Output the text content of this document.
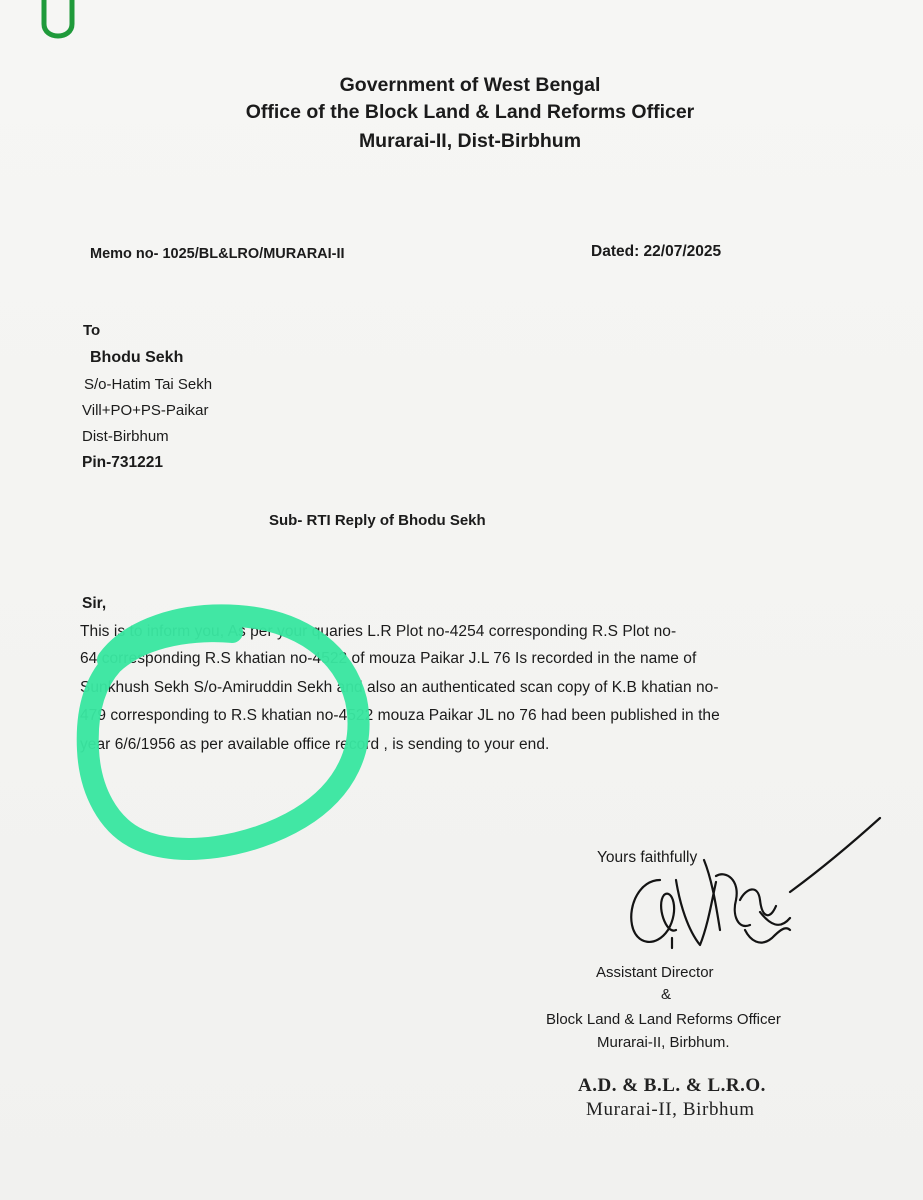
Government of West Bengal
Office of the Block Land & Land Reforms Officer
Murarai-II, Dist-Birbhum
Memo no- 1025/BL&LRO/MURARAI-II	Dated: 22/07/2025
To
Bhodu Sekh
S/o-Hatim Tai Sekh
Vill+PO+PS-Paikar
Dist-Birbhum
Pin-731221
Sub- RTI Reply of Bhodu Sekh
Sir,
This is to inform you, As per your quaries L.R Plot no-4254 corresponding R.S Plot no-
64 corresponding R.S khatian no-4522 of mouza Paikar J.L 76 Is recorded in the name of
Sunkhush Sekh S/o-Amiruddin Sekh and also an authenticated scan copy of K.B khatian no-
479 corresponding to R.S khatian no-4522 mouza Paikar JL no 76 had been published in the
year 6/6/1956 as per available office record , is sending to your end.
Yours faithfully
Assistant Director
&
Block Land & Land Reforms Officer
Murarai-II, Birbhum.
A.D. & B.L. & L.R.O.
Murarai-II, Birbhum
